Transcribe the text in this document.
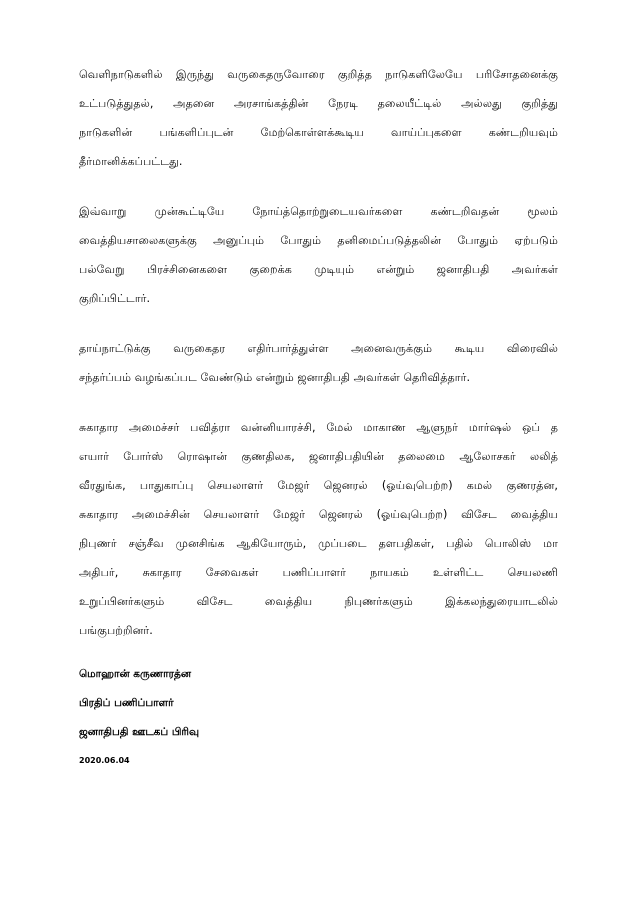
வெளிநாடுகளில் இருந்து வருகைதருவோரை குறித்த நாடுகளிலேயே பரிசோதனைக்கு
உட்படுத்துதல், அதனை அரசாங்கத்தின் நேரடி தலையீட்டில் அல்லது குறித்து
நாடுகளின் பங்களிப்புடன் மேற்கொள்ளக்கூடிய வாய்ப்புகளை கண்டறியவும்
தீர்மானிக்கப்பட்டது.

இவ்வாறு முன்கூட்டியே நோய்த்தொற்றுடையவர்களை கண்டறிவதன் மூலம்
வைத்தியசாலைகளுக்கு அனுப்பும் போதும் தனிமைப்படுத்தலின் போதும் ஏற்படும்
பல்வேறு பிரச்சினைகளை குறைக்க முடியும் என்றும் ஜனாதிபதி அவர்கள்
குறிப்பிட்டார்.

தாய்நாட்டுக்கு வருகைதர எதிர்பார்த்துள்ள அனைவருக்கும் கூடிய விரைவில்
சந்தர்ப்பம் வழங்கப்பட வேண்டும் என்றும் ஜனாதிபதி அவர்கள் தெரிவித்தார்.

சுகாதார அமைச்சர் பவித்ரா வன்னியாரச்சி, மேல் மாகாண ஆளுநர் மார்ஷல் ஒப் த
எயார் போர்ஸ் ரொஷான் குணதிலக, ஜனாதிபதியின் தலைமை ஆலோசகர் லலித்
வீரதுங்க, பாதுகாப்பு செயலாளர் மேஜர் ஜெனரல் (ஓய்வுபெற்ற) கமல் குணரத்ன,
சுகாதார அமைச்சின் செயலாளர் மேஜர் ஜெனரல் (ஓய்வுபெற்ற) விசேட வைத்திய
நிபுணர் சஞ்சீவ முனசிங்க ஆகியோரும், முப்படை தளபதிகள், பதில் பொலிஸ் மா
அதிபர், சுகாதார சேவைகள் பணிப்பாளர் நாயகம் உள்ளிட்ட செயலணி
உறுப்பினர்களும் விசேட வைத்திய நிபுணர்களும் இக்கலந்துரையாடலில்
பங்குபற்றினர்.

மொஹான் கருணாரத்ன

பிரதிப் பணிப்பாளர்

ஜனாதிபதி ஊடகப் பிரிவு

2020.06.04
